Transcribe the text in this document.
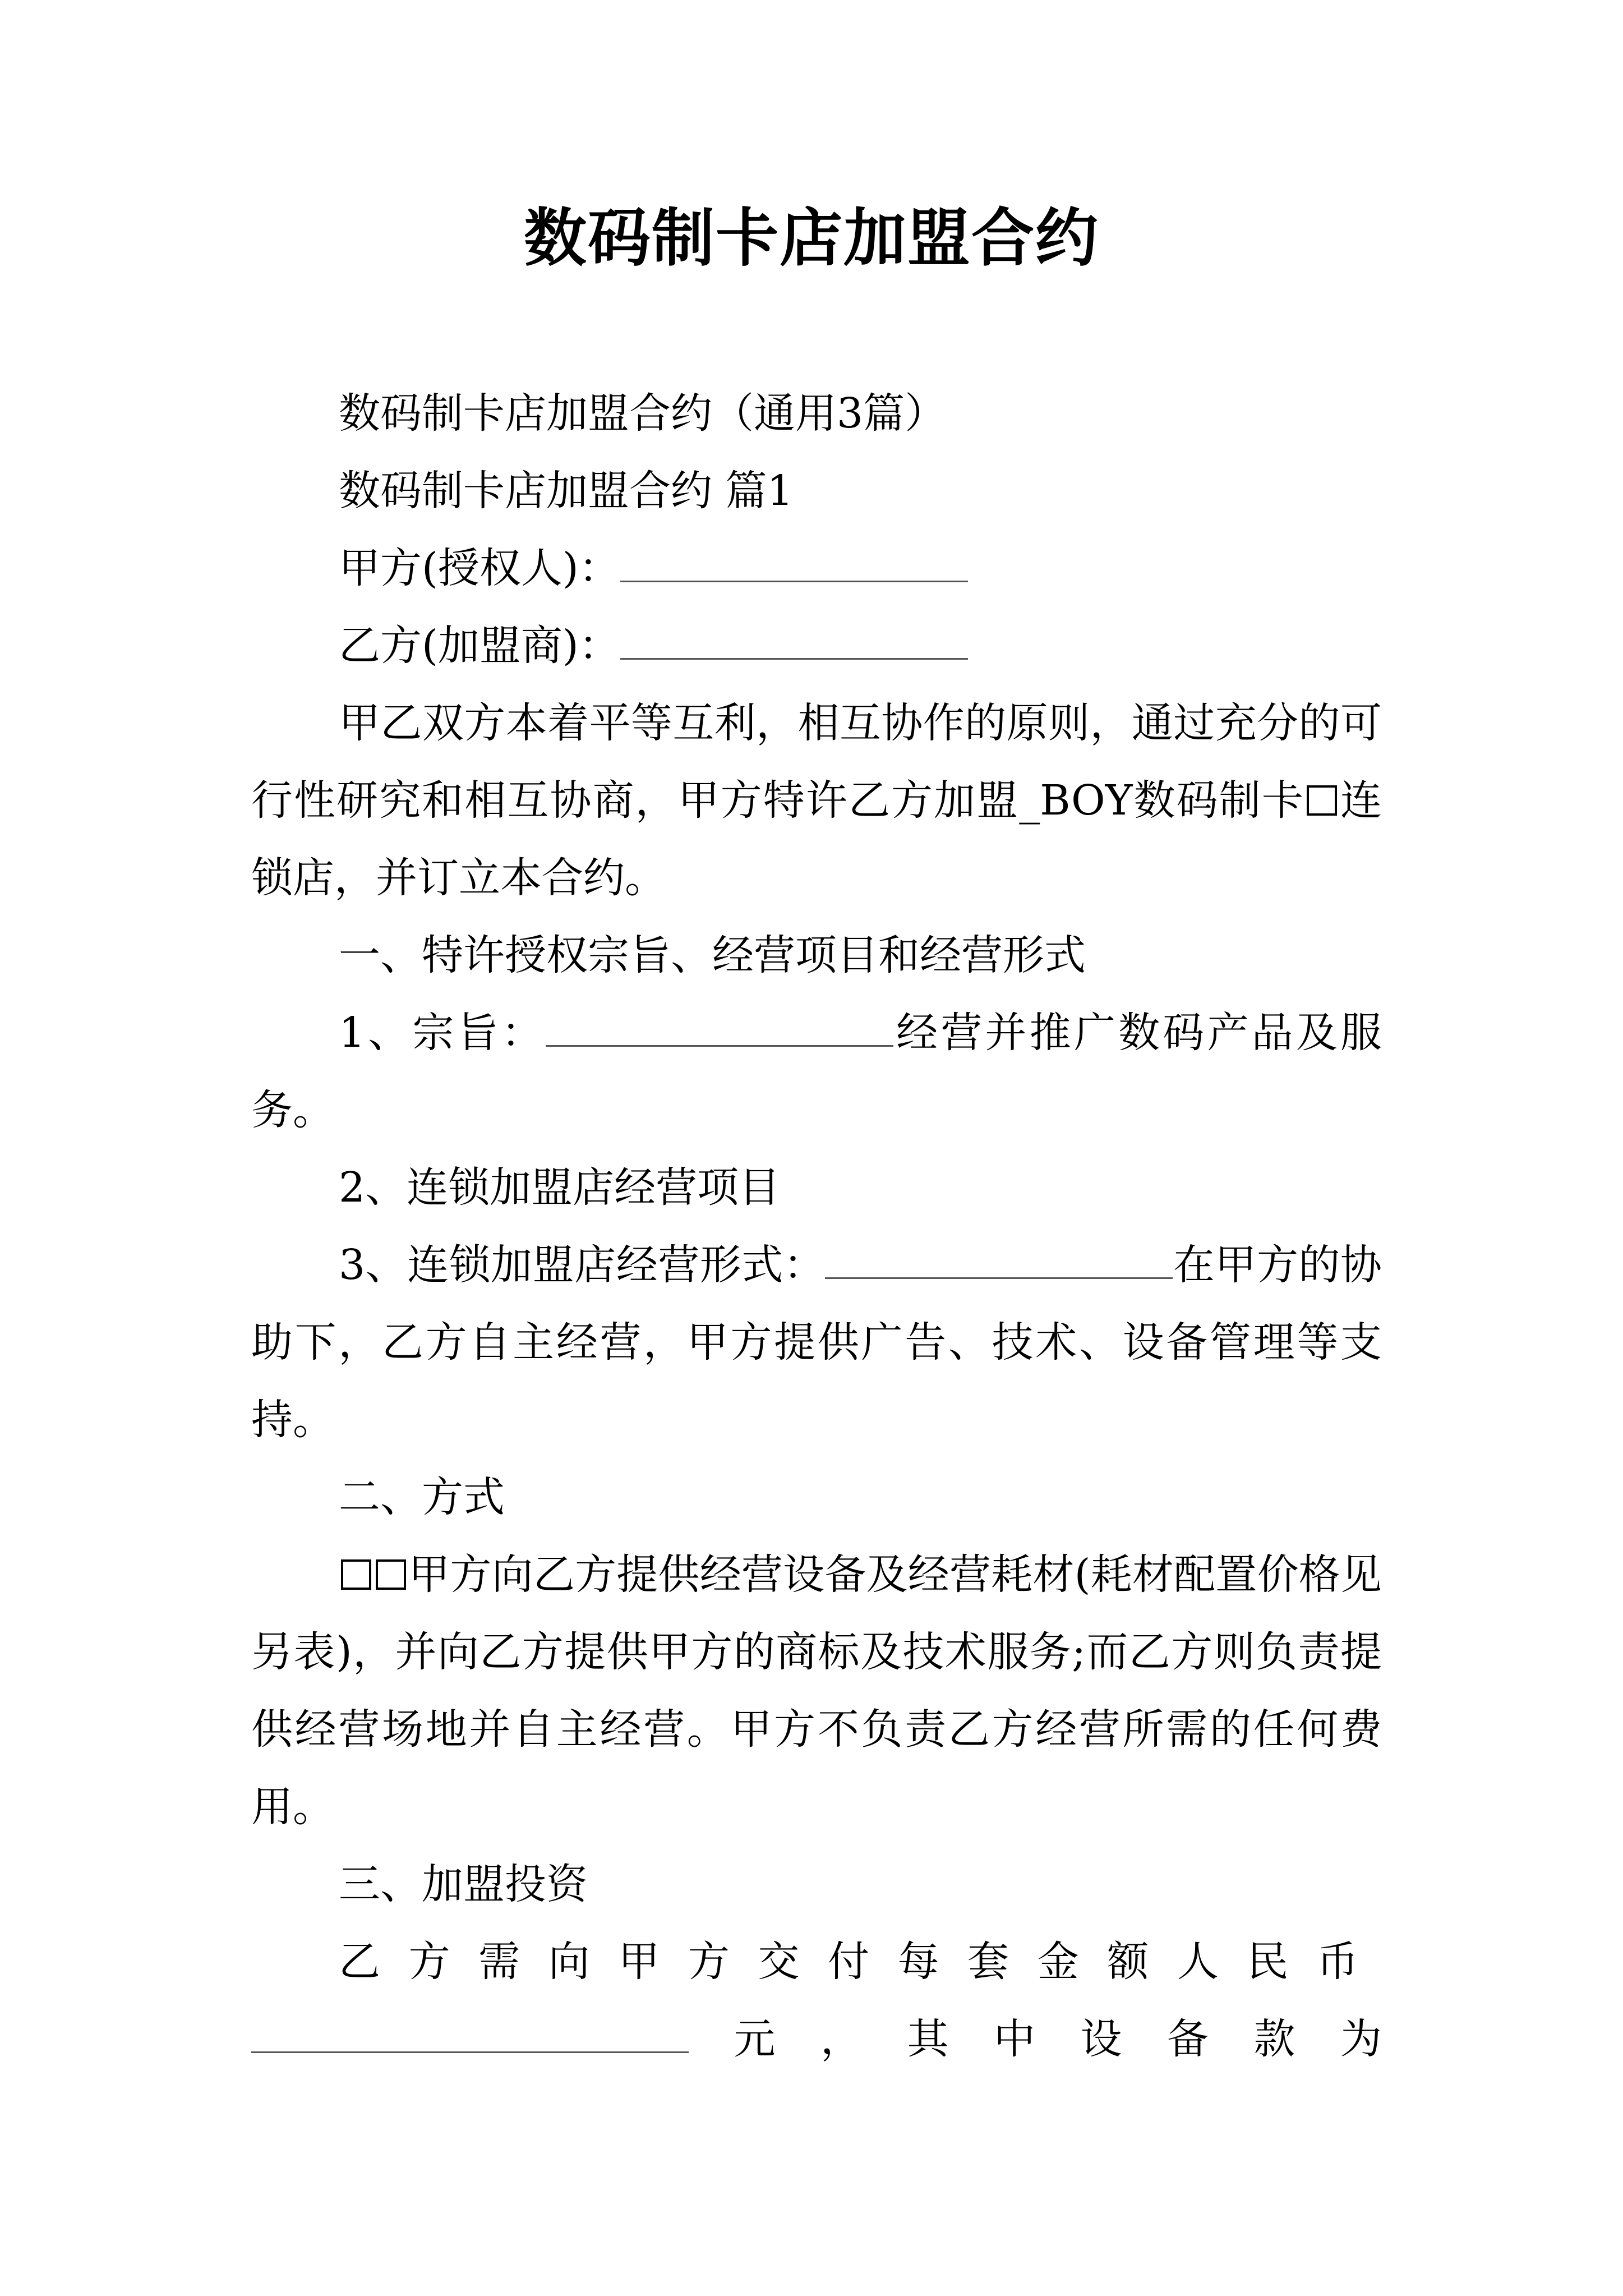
数码制卡店加盟合约

数码制卡店加盟合约（通用3篇）

数码制卡店加盟合约 篇1

甲方(授权人)：

乙方(加盟商)：

甲乙双方本着平等互利，相互协作的原则，通过充分的可行性研究和相互协商，甲方特许乙方加盟_BOY数码制卡 连锁店，并订立本合约。

一、特许授权宗旨、经营项目和经营形式

1、宗旨：	经营并推广数码产品及服务。

2、连锁加盟店经营项目

3、连锁加盟店经营形式：	在甲方的协助下，乙方自主经营，甲方提供广告、技术、设备管理等支持。

二、方式

甲方向乙方提供经营设备及经营耗材(耗材配置价格见另表)，并向乙方提供甲方的商标及技术服务;而乙方则负责提供经营场地并自主经营。甲方不负责乙方经营所需的任何费用。

三、加盟投资

乙方需向甲方交付每套金额人民币

元 ， 其 中 设 备 款 为
